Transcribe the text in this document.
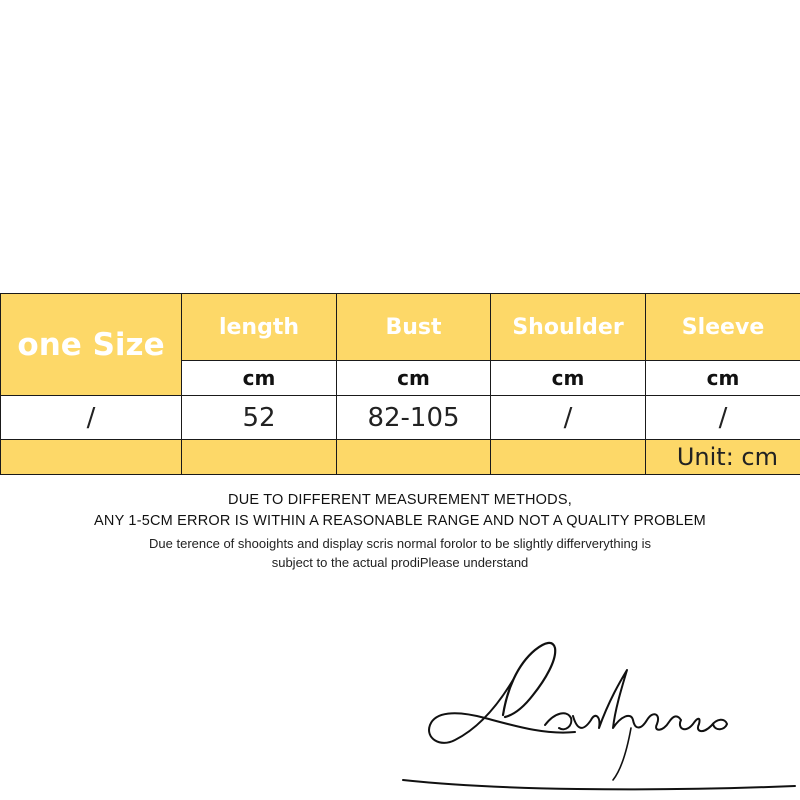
one Size	length	Bust	Shoulder	Sleeve
	cm	cm	cm	cm
/	52	82-105	/	/
				Unit: cm
DUE TO DIFFERENT MEASUREMENT METHODS,
ANY 1-5CM ERROR IS WITHIN A REASONABLE RANGE AND NOT A QUALITY PROBLEM
Due terence of shooights and display scris normal forolor to be slightly differverything is
subject to the actual prodiPlease understand
